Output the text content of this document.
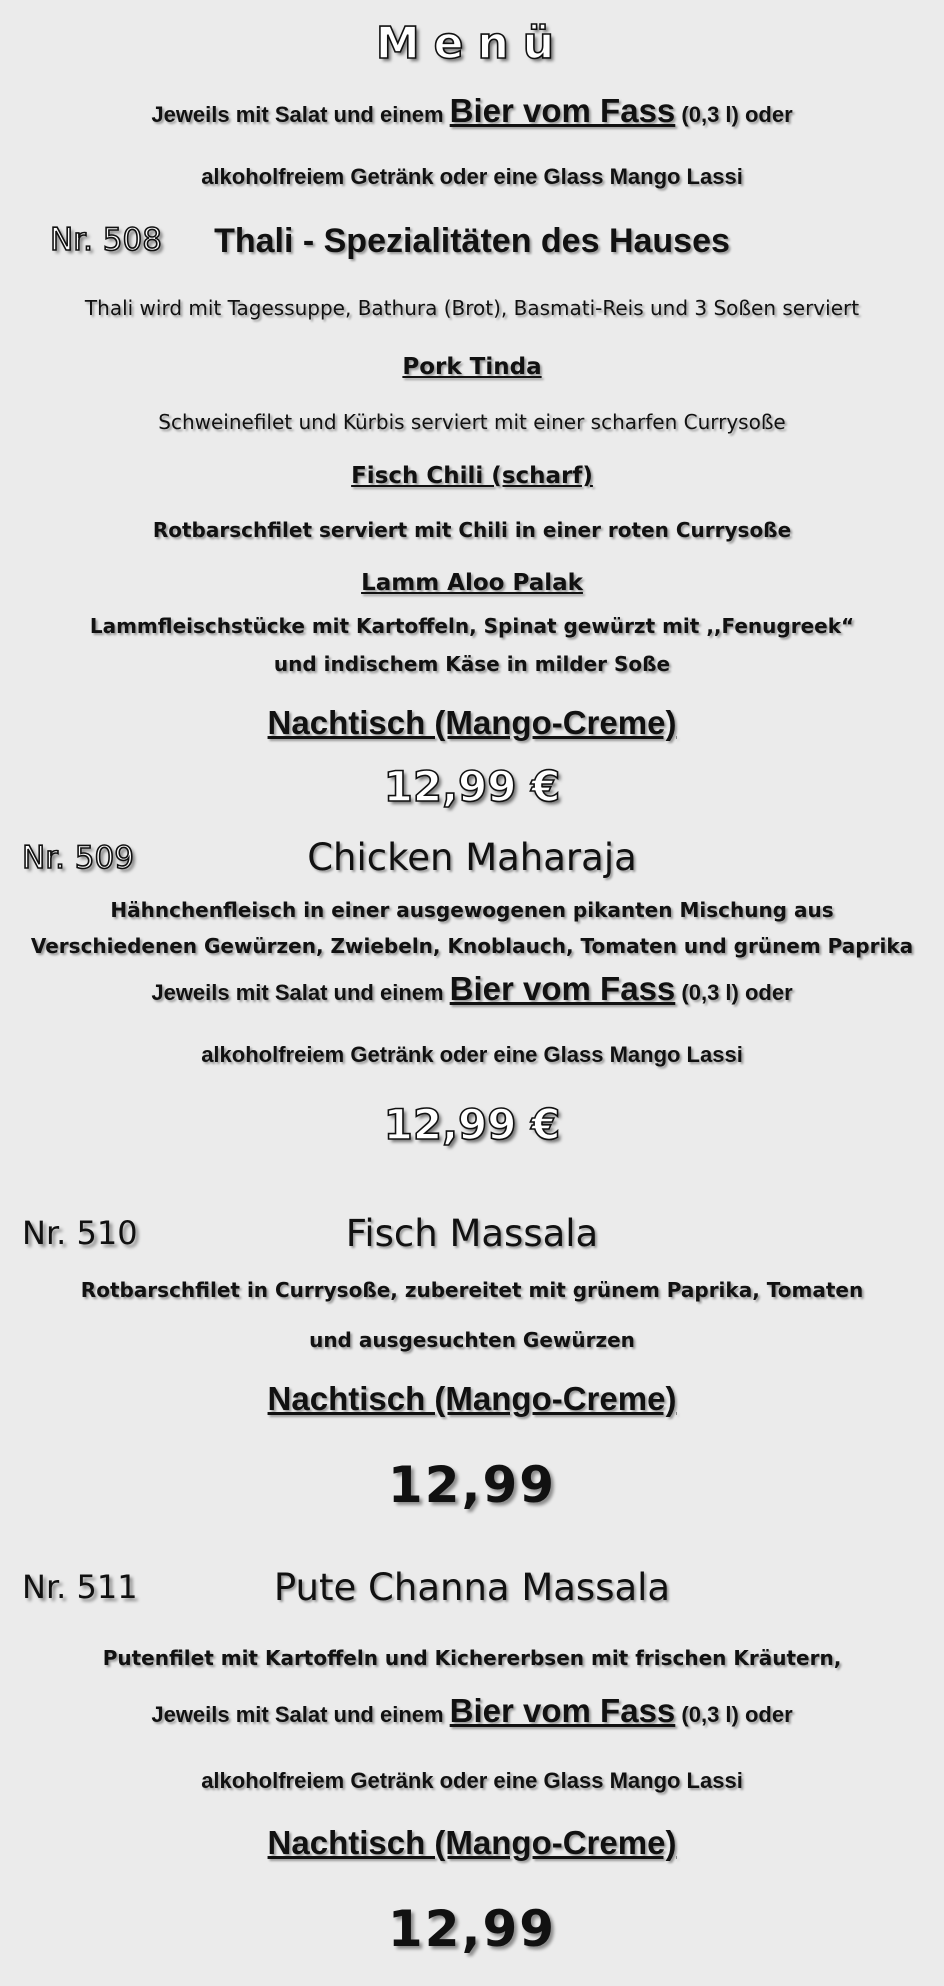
Menü
Jeweils mit Salat und einem Bier vom Fass (0,3 l) oder
alkoholfreiem Getränk oder eine Glass Mango Lassi
Nr. 508	Thali - Spezialitäten des Hauses
Thali wird mit Tagessuppe, Bathura (Brot), Basmati-Reis und 3 Soßen serviert
Pork Tinda
Schweinefilet und Kürbis serviert mit einer scharfen Currysoße
Fisch Chili (scharf)
Rotbarschfilet serviert mit Chili in einer roten Currysoße
Lamm Aloo Palak
Lammfleischstücke mit Kartoffeln, Spinat gewürzt mit ,,Fenugreek“
und indischem Käse in milder Soße
Nachtisch (Mango-Creme)
12,99 €
Nr. 509	Chicken Maharaja
Hähnchenfleisch in einer ausgewogenen pikanten Mischung aus
Verschiedenen Gewürzen, Zwiebeln, Knoblauch, Tomaten und grünem Paprika
Jeweils mit Salat und einem Bier vom Fass (0,3 l) oder
alkoholfreiem Getränk oder eine Glass Mango Lassi
12,99 €
Nr. 510	Fisch Massala
Rotbarschfilet in Currysoße, zubereitet mit grünem Paprika, Tomaten
und ausgesuchten Gewürzen
Nachtisch (Mango-Creme)
12,99
Nr. 511	Pute Channa Massala
Putenfilet mit Kartoffeln und Kichererbsen mit frischen Kräutern,
Jeweils mit Salat und einem Bier vom Fass (0,3 l) oder
alkoholfreiem Getränk oder eine Glass Mango Lassi
Nachtisch (Mango-Creme)
12,99
